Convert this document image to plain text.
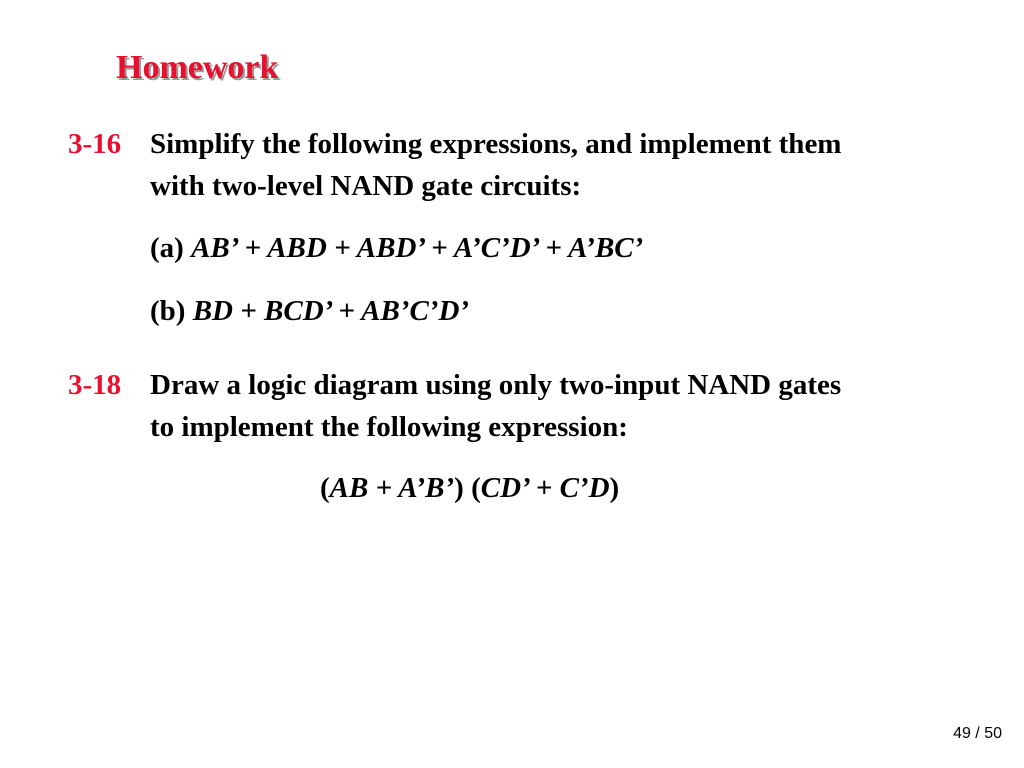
Homework
3-16 Simplify the following expressions, and implement them
with two-level NAND gate circuits:
(a) AB’ + ABD + ABD’ + A’C’D’ + A’BC’
(b) BD + BCD’ + AB’C’D’
3-18 Draw a logic diagram using only two-input NAND gates
to implement the following expression:
(AB + A’B’) (CD’ + C’D)
49 / 50
